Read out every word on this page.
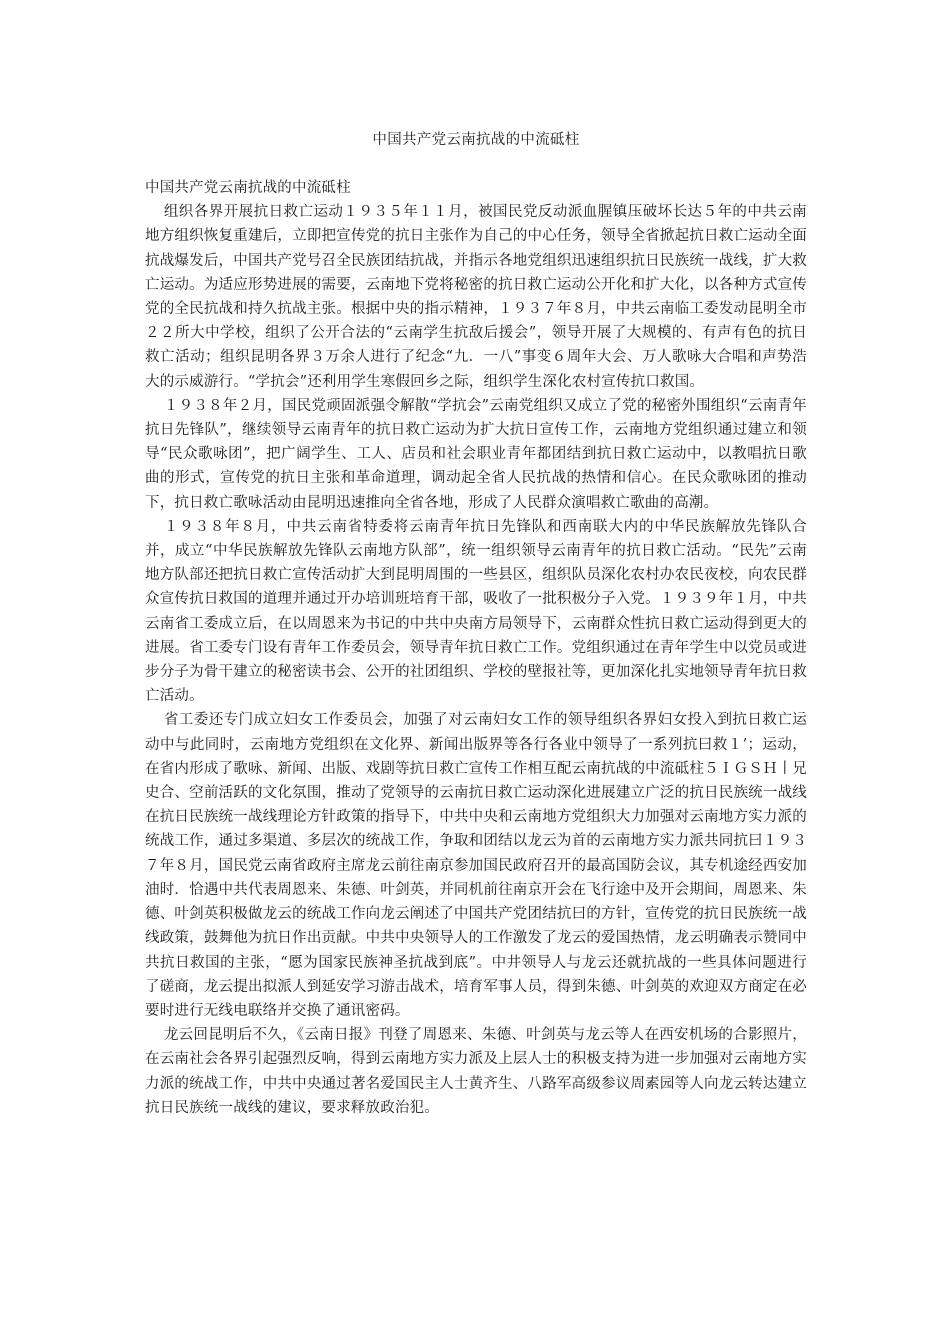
中国共产党云南抗战的中流砥柱

中国共产党云南抗战的中流砥柱

组织各界开展抗日救亡运动１９３５年１１月，被国民党反动派血腥镇压破坏长达５年的中共云南地方组织恢复重建后，立即把宣传党的抗日主张作为自己的中心任务，领导全省掀起抗日救亡运动全面抗战爆发后，中国共产党号召全民族团结抗战，并指示各地党组织迅速组织抗日民族统一战线，扩大救亡运动。为适应形势进展的需要，云南地下党将秘密的抗日救亡运动公开化和扩大化，以各种方式宣传党的全民抗战和持久抗战主张。根据中央的指示精神，１９３７年８月，中共云南临工委发动昆明全市２２所大中学校，组织了公开合法的“云南学生抗敌后援会”，领导开展了大规模的、有声有色的抗日救亡活动；组织昆明各界３万余人进行了纪念“九．一八”事变６周年大会、万人歌咏大合唱和声势浩大的示威游行。“学抗会”还利用学生寒假回乡之际，组织学生深化农村宣传抗口救国。

１９３８年２月，国民党顽固派强令解散“学抗会”云南党组织又成立了党的秘密外围组织“云南青年抗日先锋队”，继续领导云南青年的抗日救亡运动为扩大抗日宣传工作，云南地方党组织通过建立和领导“民众歌咏团”，把广阔学生、工人、店员和社会职业青年都团结到抗日救亡运动中，以教唱抗日歌曲的形式，宣传党的抗日主张和革命道理，调动起全省人民抗战的热情和信心。在民众歌咏团的推动下，抗日救亡歌咏活动由昆明迅速推向全省各地，形成了人民群众演唱救亡歌曲的高潮。

１９３８年８月，中共云南省特委将云南青年抗日先锋队和西南联大内的中华民族解放先锋队合并，成立“中华民族解放先锋队云南地方队部”，统一组织领导云南青年的抗日救亡活动。“民先”云南地方队部还把抗日救亡宣传活动扩大到昆明周围的一些县区，组织队员深化农村办农民夜校，向农民群众宣传抗日救国的道理并通过开办培训班培育干部，吸收了一批积极分子入党。１９３９年１月，中共云南省工委成立后，在以周恩来为书记的中共中央南方局领导下，云南群众性抗日救亡运动得到更大的进展。省工委专门设有青年工作委员会，领导青年抗日救亡工作。党组织通过在青年学生中以党员或进步分子为骨干建立的秘密读书会、公开的社团组织、学校的壁报社等，更加深化扎实地领导青年抗日救亡活动。

省工委还专门成立妇女工作委员会，加强了对云南妇女工作的领导组织各界妇女投入到抗日救亡运动中与此同时，云南地方党组织在文化界、新闻出版界等各行各业中领导了一系列抗曰救１’；运动，在省内形成了歌咏、新闻、出版、戏剧等抗日救亡宣传工作相互配云南抗战的中流砥柱５ＩＧＳＨ丨兄史合、空前活跃的文化氛围，推动了党领导的云南抗日救亡运动深化进展建立广泛的抗日民族统一战线在抗日民族统一战线理论方针政策的指导下，中共中央和云南地方党组织大力加强对云南地方实力派的统战工作，通过多渠道、多层次的统战工作，争取和团结以龙云为首的云南地方实力派共同抗曰１９３７年８月，国民党云南省政府主席龙云前往南京参加国民政府召开的最高国防会议，其专机途经西安加油时．恰遇中共代表周恩来、朱德、叶剑英，并同机前往南京开会在飞行途中及开会期间，周恩来、朱德、叶剑英积极做龙云的统战工作向龙云阐述了中国共产党团结抗曰的方针，宣传党的抗日民族统一战线政策，鼓舞他为抗日作出贡献。中共中央领导人的工作激发了龙云的爱国热情，龙云明确表示赞同中共抗日救国的主张，“愿为国家民族神圣抗战到底”。中井领导人与龙云还就抗战的一些具体问题进行了磋商，龙云提出拟派人到延安学习游击战术，培育军事人员，得到朱德、叶剑英的欢迎双方商定在必要时进行无线电联络并交换了通讯密码。

龙云回昆明后不久，《云南日报》刊登了周恩来、朱德、叶剑英与龙云等人在西安机场的合影照片，在云南社会各界引起强烈反响，得到云南地方实力派及上层人士的积极支持为进一步加强对云南地方实力派的统战工作，中共中央通过著名爱国民主人士黄齐生、八路军高级参议周素园等人向龙云转达建立抗日民族统一战线的建议，要求释放政治犯。
